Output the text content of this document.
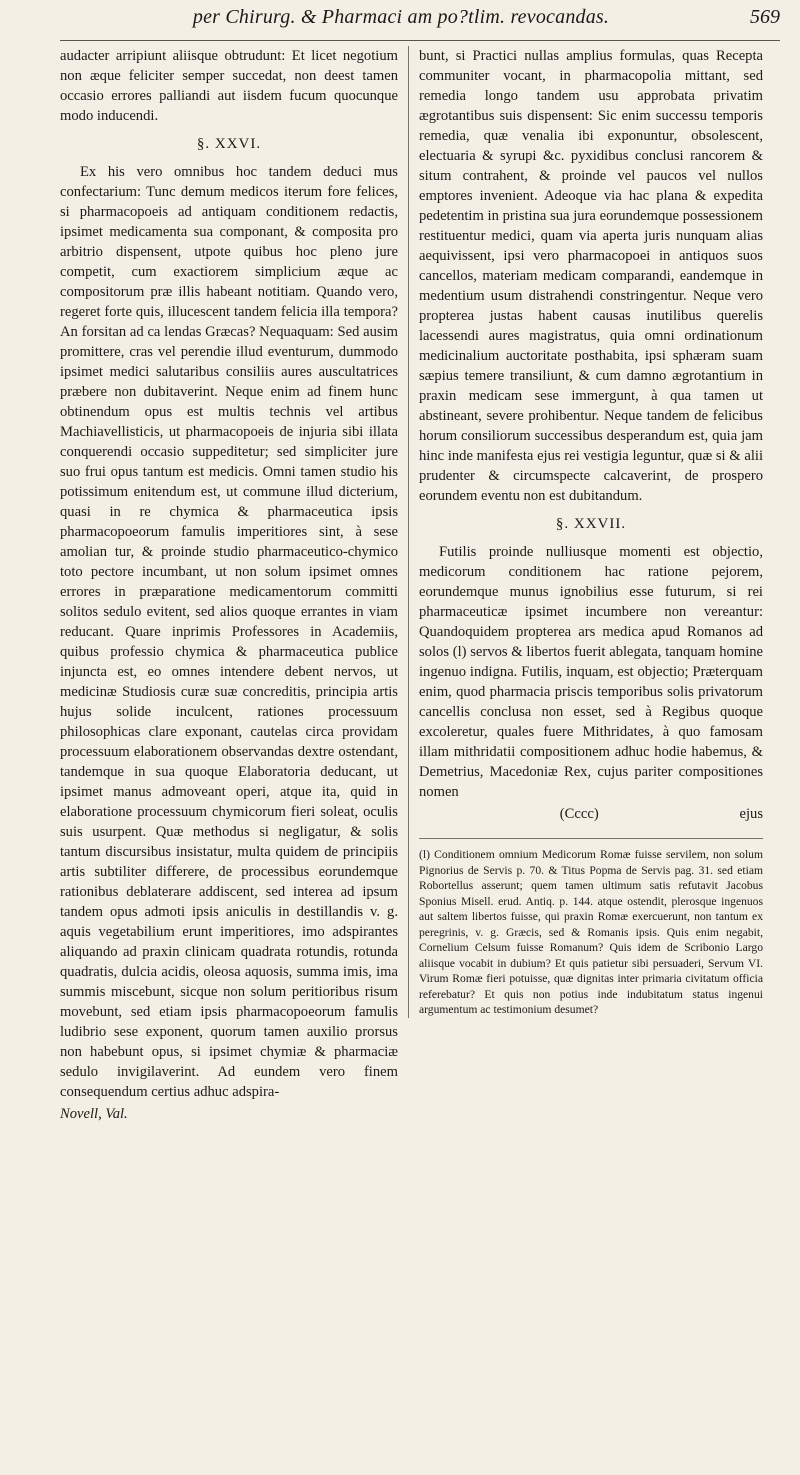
per Chirurg. & Pharmaci am po?tlim. revocandas.	569

audacter arripiunt aliisque obtrudunt: Et licet negotium non æque feliciter semper succedat, non deest tamen occasio errores palliandi aut iisdem fucum quocunque modo inducendi.

§. XXVI.

Ex his vero omnibus hoc tandem deduci mus confectarium: Tunc demum medicos iterum fore felices, si pharmacopoeis ad antiquam conditionem redactis, ipsimet medicamenta sua componant, & composita pro arbitrio dispensent, utpote quibus hoc pleno jure competit, cum exactiorem simplicium æque ac compositorum præ illis habeant notitiam. Quando vero, regeret forte quis, illucescent tandem felicia illa tempora? An forsitan ad ca lendas Græcas? Nequaquam: Sed ausim promittere, cras vel perendie illud eventurum, dummodo ipsimet medici salutaribus consiliis aures auscultatrices præbere non dubitaverint. Neque enim ad finem hunc obtinendum opus est multis technis vel artibus Machiavellisticis, ut pharmacopoeis de injuria sibi illata conquerendi occasio suppeditetur; sed simpliciter jure suo frui opus tantum est medicis. Omni tamen studio his potissimum enitendum est, ut commune illud dicterium, quasi in re chymica & pharmaceutica ipsis pharmacopoeorum famulis imperitiores sint, à sese amolian tur, & proinde studio pharmaceutico-chymico toto pectore incumbant, ut non solum ipsimet omnes errores in præparatione medicamentorum committi solitos sedulo evitent, sed alios quoque errantes in viam reducant. Quare inprimis Professores in Academiis, quibus professio chymica & pharmaceutica publice injuncta est, eo omnes intendere debent nervos, ut medicinæ Studiosis curæ suæ concreditis, principia artis hujus solide inculcent, rationes processuum philosophicas clare exponant, cautelas circa providam processuum elaborationem observandas dextre ostendant, tandemque in sua quoque Elaboratoria deducant, ut ipsimet manus admoveant operi, atque ita, quid in elaboratione processuum chymicorum fieri soleat, oculis suis usurpent. Quæ methodus si negligatur, & solis tantum discursibus insistatur, multa quidem de principiis artis subtiliter differere, de processibus eorundemque rationibus deblaterare addiscent, sed interea ad ipsum tandem opus admoti ipsis aniculis in destillandis v. g. aquis vegetabilium erunt imperitiores, imo adspirantes aliquando ad praxin clinicam quadrata rotundis, rotunda quadratis, dulcia acidis, oleosa aquosis, summa imis, ima summis miscebunt, sicque non solum peritioribus risum movebunt, sed etiam ipsis pharmacopoeorum famulis ludibrio sese exponent, quorum tamen auxilio prorsus non habebunt opus, si ipsimet chymiæ & pharmaciæ sedulo invigilaverint. Ad eundem vero finem consequendum certius adhuc adspira-

Novell, Val.

bunt, si Practici nullas amplius formulas, quas Recepta communiter vocant, in pharmacopolia mittant, sed remedia longo tandem usu approbata privatim ægrotantibus suis dispensent: Sic enim successu temporis remedia, quæ venalia ibi exponuntur, obsolescent, electuaria & syrupi &c. pyxidibus conclusi rancorem & situm contrahent, & proinde vel paucos vel nullos emptores invenient. Adeoque via hac plana & expedita pedetentim in pristina sua jura eorundemque possessionem restituentur medici, quam via aperta juris nunquam alias aequivissent, ipsi vero pharmacopoei in antiquos suos cancellos, materiam medicam comparandi, eandemque in medentium usum distrahendi constringentur. Neque vero propterea justas habent causas inutilibus querelis lacessendi aures magistratus, quia omni ordinationum medicinalium auctoritate posthabita, ipsi sphæram suam sæpius temere transiliunt, & cum damno ægrotantium in praxin medicam sese immergunt, à qua tamen ut abstineant, severe prohibentur. Neque tandem de felicibus horum consiliorum successibus desperandum est, quia jam hinc inde manifesta ejus rei vestigia leguntur, quæ si & alii prudenter & circumspecte calcaverint, de prospero eorundem eventu non est dubitandum.

§. XXVII.

Futilis proinde nulliusque momenti est objectio, medicorum conditionem hac ratione pejorem, eorundemque munus ignobilius esse futurum, si rei pharmaceuticæ ipsimet incumbere non vereantur: Quandoquidem propterea ars medica apud Romanos ad solos (l) servos & libertos fuerit ablegata, tanquam homine ingenuo indigna. Futilis, inquam, est objectio; Præterquam enim, quod pharmacia priscis temporibus solis privatorum cancellis conclusa non esset, sed à Regibus quoque excoleretur, quales fuere Mithridates, à quo famosam illam mithridatii compositionem adhuc hodie habemus, & Demetrius, Macedoniæ Rex, cujus pariter compositiones nomen

(Cccc)	ejus

(l) Conditionem omnium Medicorum Romæ fuisse servilem, non solum Pignorius de Servis p. 70. & Titus Popma de Servis pag. 31. sed etiam Robortellus asserunt; quem tamen ultimum satis refutavit Jacobus Sponius Misell. erud. Antiq. p. 144. atque ostendit, plerosque ingenuos aut saltem libertos fuisse, qui praxin Romæ exercuerunt, non tantum ex peregrinis, v. g. Græcis, sed & Romanis ipsis. Quis enim negabit, Cornelium Celsum fuisse Romanum? Quis idem de Scribonio Largo aliisque vocabit in dubium? Et quis patietur sibi persuaderi, Servum VI. Virum Romæ fieri potuisse, quæ dignitas inter primaria civitatum officia referebatur? Et quis non potius inde indubitatum status ingenui argumentum ac testimonium desumet?
